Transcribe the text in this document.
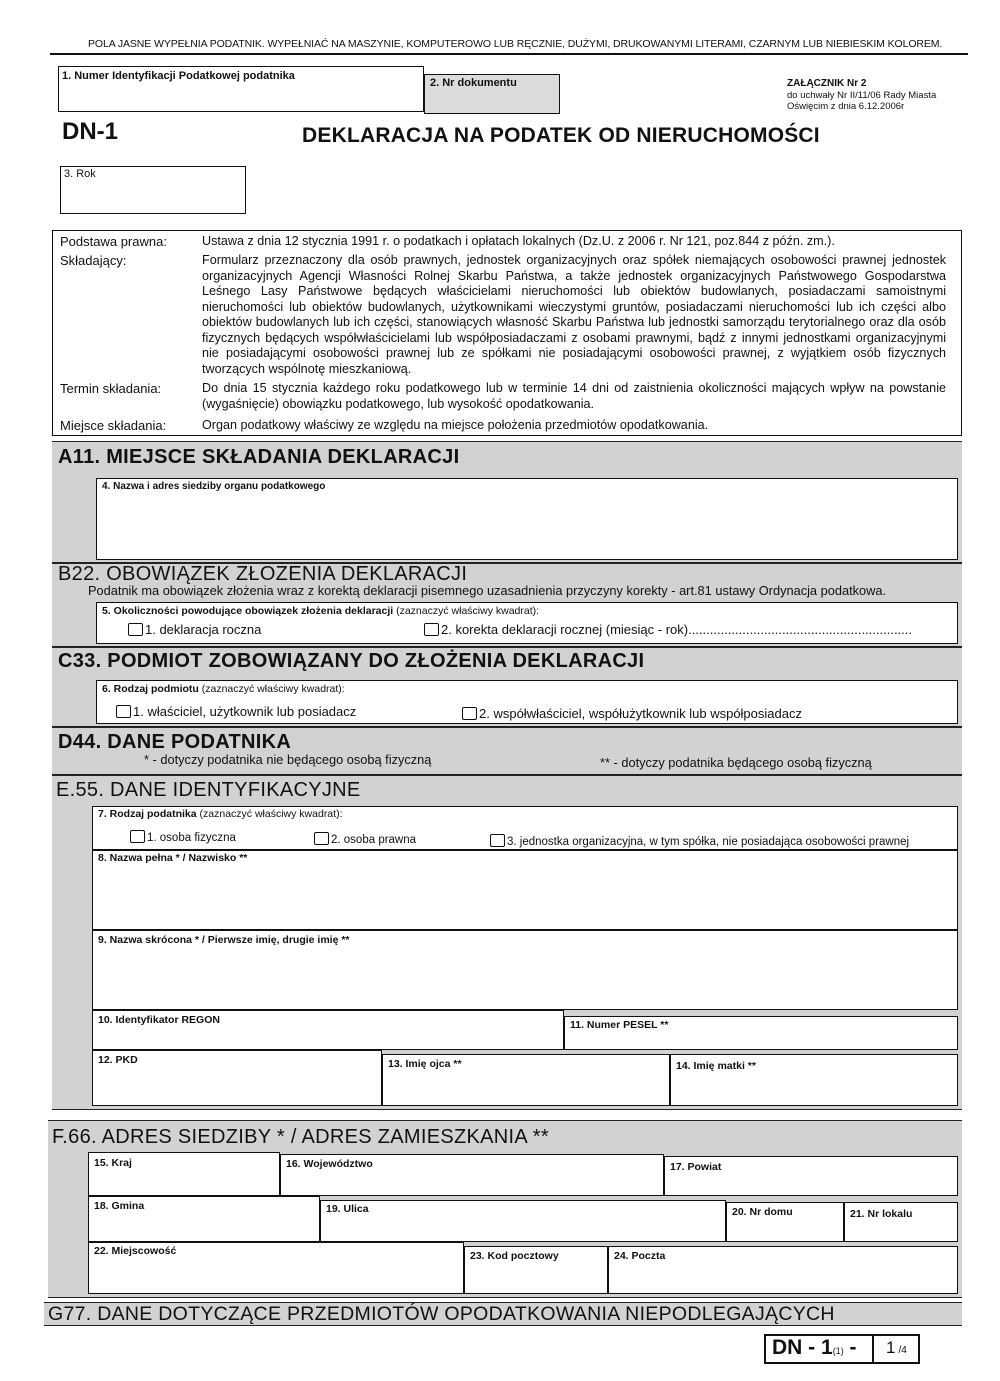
POLA JASNE WYPEŁNIA PODATNIK. WYPEŁNIAĆ NA MASZYNIE, KOMPUTEROWO LUB RĘCZNIE, DUŻYMI, DRUKOWANYMI LITERAMI, CZARNYM LUB NIEBIESKIM KOLOREM.
1. Numer Identyfikacji Podatkowej podatnika
2. Nr dokumentu	ZAŁĄCZNIK Nr 2
do uchwały Nr II/11/06 Rady Miasta
Oświęcim z dnia 6.12.2006r
DN-1	DEKLARACJA NA PODATEK OD NIERUCHOMOŚCI
3. Rok
Podstawa prawna:	Ustawa z dnia 12 stycznia 1991 r. o podatkach i opłatach lokalnych (Dz.U. z 2006 r. Nr 121, poz.844 z późn. zm.).
Składający:	Formularz przeznaczony dla osób prawnych, jednostek organizacyjnych oraz spółek niemających osobowości prawnej jednostek organizacyjnych Agencji Własności Rolnej Skarbu Państwa, a także jednostek organizacyjnych Państwowego Gospodarstwa Leśnego Lasy Państwowe będących właścicielami nieruchomości lub obiektów budowlanych, posiadaczami samoistnymi nieruchomości lub obiektów budowlanych, użytkownikami wieczystymi gruntów, posiadaczami nieruchomości lub ich części albo obiektów budowlanych lub ich części, stanowiących własność Skarbu Państwa lub jednostki samorządu terytorialnego oraz dla osób fizycznych będących współwłaścicielami lub współposiadaczami z osobami prawnymi, bądź z innymi jednostkami organizacyjnymi nie posiadającymi osobowości prawnej lub ze spółkami nie posiadającymi osobowości prawnej, z wyjątkiem osób fizycznych tworzących wspólnotę mieszkaniową.
Termin składania:	Do dnia 15 stycznia każdego roku podatkowego lub w terminie 14 dni od zaistnienia okoliczności mających wpływ na powstanie (wygaśnięcie) obowiązku podatkowego, lub wysokość opodatkowania.
Miejsce składania:	Organ podatkowy właściwy ze względu na miejsce położenia przedmiotów opodatkowania.
A11. MIEJSCE SKŁADANIA DEKLARACJI
4. Nazwa i adres siedziby organu podatkowego
B22. OBOWIĄZEK ZŁOŻENIA DEKLARACJI
Podatnik ma obowiązek złożenia wraz z korektą deklaracji pisemnego uzasadnienia przyczyny korekty - art.81 ustawy Ordynacja podatkowa.
5. Okoliczności powodujące obowiązek złożenia deklaracji (zaznaczyć właściwy kwadrat):
1. deklaracja roczna	2. korekta deklaracji rocznej (miesiąc - rok)..............................................................
C33. PODMIOT ZOBOWIĄZANY DO ZŁOŻENIA DEKLARACJI
6. Rodzaj podmiotu (zaznaczyć właściwy kwadrat):
1. właściciel, użytkownik lub posiadacz	2. współwłaściciel, współużytkownik lub współposiadacz
D44. DANE PODATNIKA
* - dotyczy podatnika nie będącego osobą fizyczną	** - dotyczy podatnika będącego osobą fizyczną
E.55. DANE IDENTYFIKACYJNE
7. Rodzaj podatnika (zaznaczyć właściwy kwadrat):
1. osoba fizyczna	2. osoba prawna	3. jednostka organizacyjna, w tym spółka, nie posiadająca osobowości prawnej
8. Nazwa pełna * / Nazwisko **
9. Nazwa skrócona * / Pierwsze imię, drugie imię **
10. Identyfikator REGON	11. Numer PESEL **
12. PKD	13. Imię ojca **	14. Imię matki **
F.66. ADRES SIEDZIBY * / ADRES ZAMIESZKANIA **
15. Kraj	16. Województwo	17. Powiat
18. Gmina	19. Ulica	20. Nr domu	21. Nr lokalu
22. Miejscowość	23. Kod pocztowy	24. Poczta
G77. DANE DOTYCZĄCE PRZEDMIOTÓW OPODATKOWANIA NIEPODLEGAJĄCYCH
DN - 1(1) - 1 /4
